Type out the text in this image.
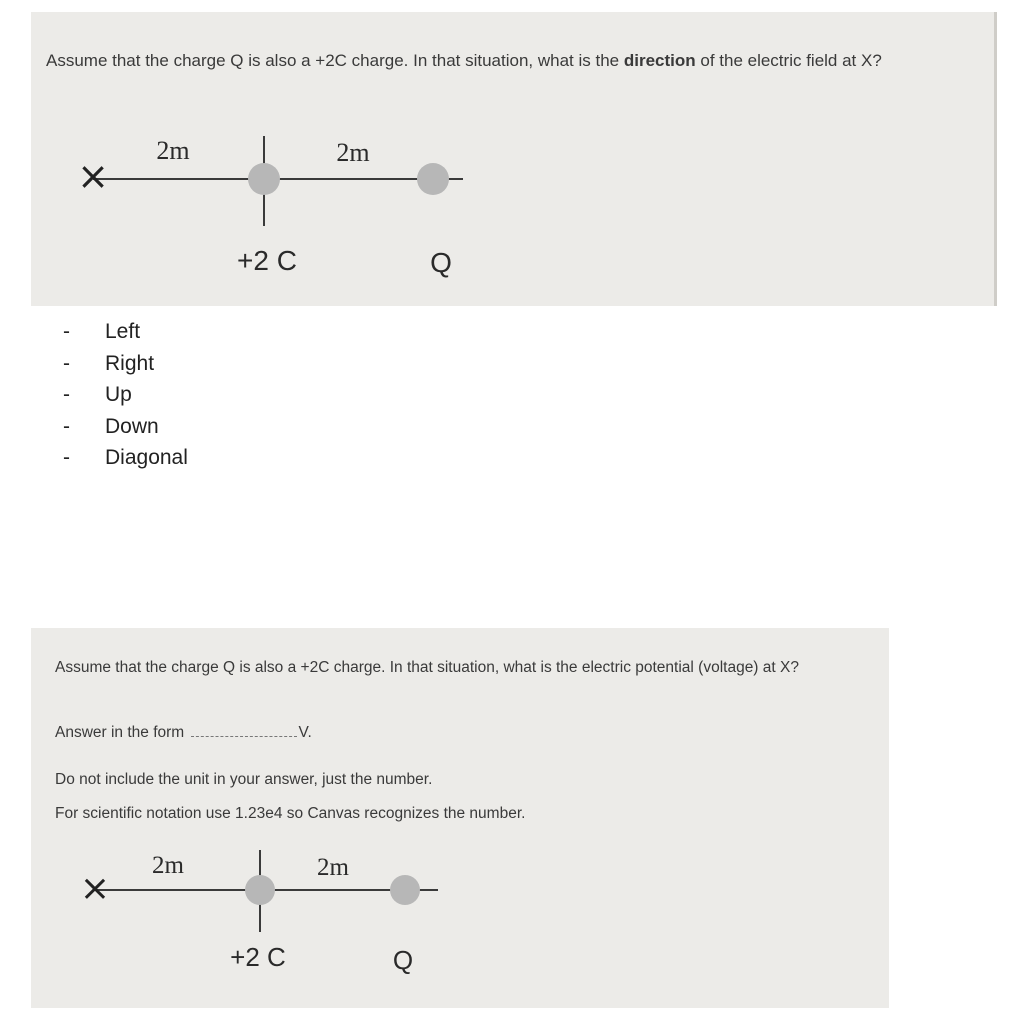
Assume that the charge Q is also a +2C charge. In that situation, what is the direction of the electric field at X?
×
2m	2m
+2 C	Q
-	Left
-	Right
-	Up
-	Down
-	Diagonal
Assume that the charge Q is also a +2C charge. In that situation, what is the electric potential (voltage) at X?
Answer in the form	V.
Do not include the unit in your answer, just the number.
For scientific notation use 1.23e4 so Canvas recognizes the number.
×
2m	2m
+2 C	Q
